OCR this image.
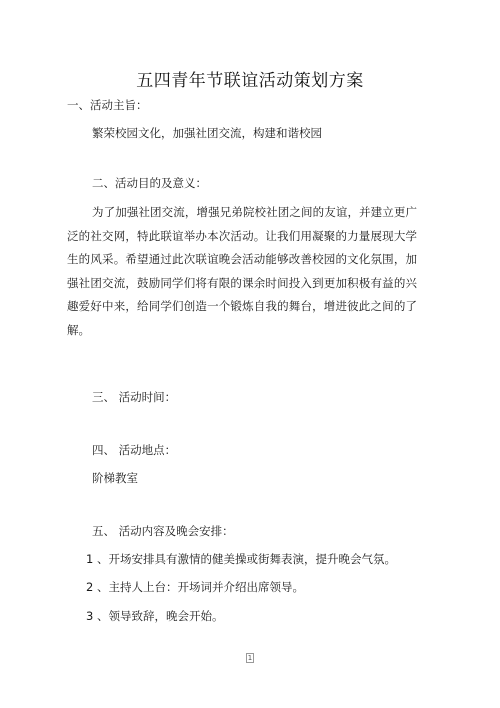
五四青年节联谊活动策划方案
一、活动主旨：
繁荣校园文化，加强社团交流，构建和谐校园
二、活动目的及意义：
为了加强社团交流，增强兄弟院校社团之间的友谊，并建立更广泛的社交网，特此联谊举办本次活动。让我们用凝聚的力量展现大学生的风采。希望通过此次联谊晚会活动能够改善校园的文化氛围，加强社团交流，鼓励同学们将有限的课余时间投入到更加积极有益的兴趣爱好中来，给同学们创造一个锻炼自我的舞台，增进彼此之间的了解。
三、 活动时间：
四、 活动地点：
阶梯教室
五、 活动内容及晚会安排：
1 、开场安排具有激情的健美操或街舞表演，提升晚会气氛。
2 、主持人上台：开场词并介绍出席领导。
3 、领导致辞，晚会开始。
1
